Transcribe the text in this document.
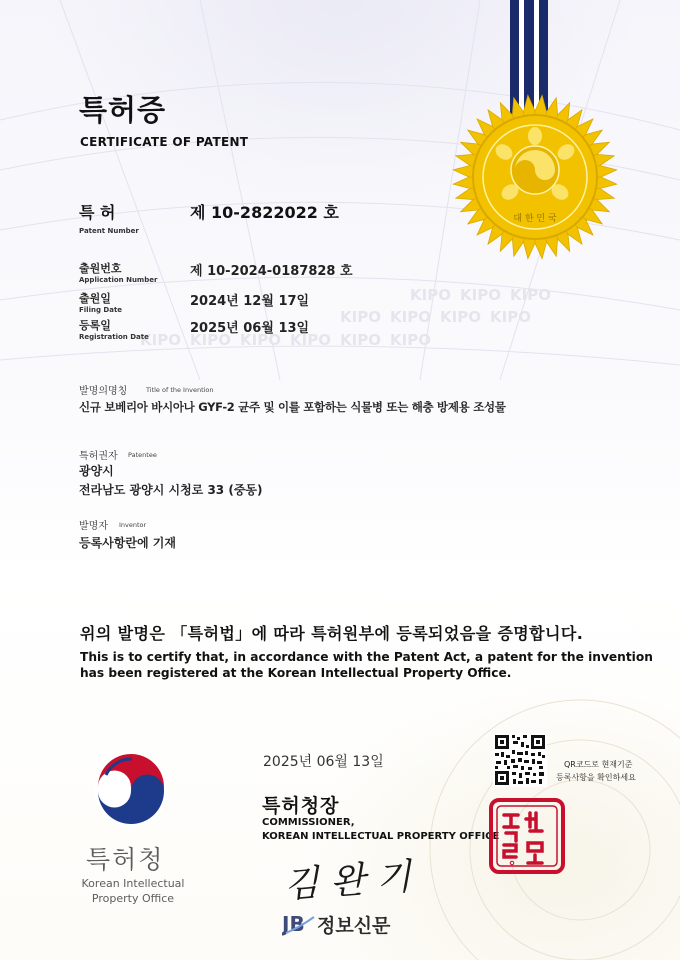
KIPO KIPO KIPO
KIPO KIPO KIPO KIPO
KIPO KIPO KIPO KIPO KIPO KIPO
대 한 민 국
특허증
CERTIFICATE OF PATENT
특 허
Patent Number
제 10-2822022 호
출원번호
Application Number
제 10-2024-0187828 호
출원일
Filing Date
2024년 12월 17일
등록일
Registration Date
2025년 06월 13일
발명의명칭	Title of the Invention
신규 보베리아 바시아나 GYF-2 균주 및 이를 포함하는 식물병 또는 해충 방제용 조성물
특허권자 Patentee
광양시
전라남도 광양시 시청로 33 (중동)
발명자 Inventor
등록사항란에 기재
위의 발명은 「특허법」에 따라 특허원부에 등록되었음을 증명합니다.
This is to certify that, in accordance with the Patent Act, a patent for the invention
has been registered at the Korean Intellectual Property Office.
특허청
Korean Intellectual
Property Office
2025년 06월 13일	QR코드로 현재기준
등록사항을 확인하세요
특허청장
COMMISSIONER,
KOREAN INTELLECTUAL PROPERTY OFFICE
김 완 기
JB 정보신문
